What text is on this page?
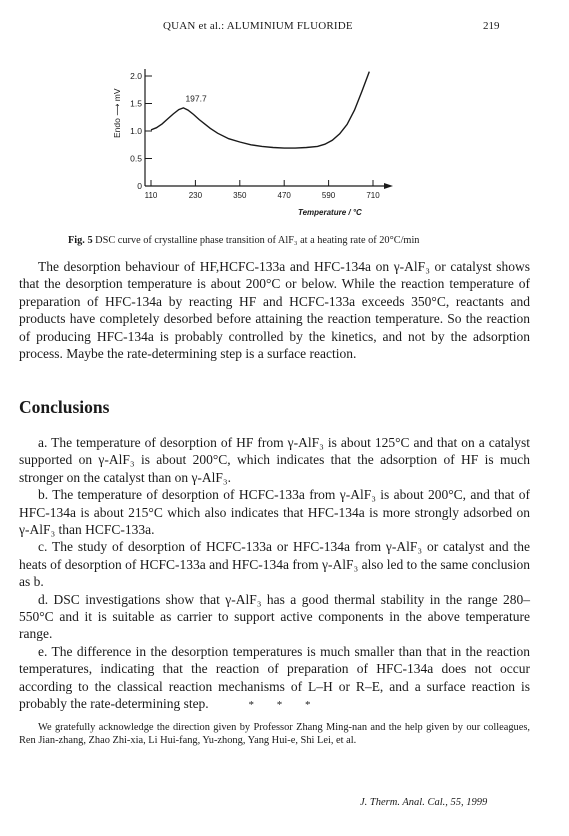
QUAN et al.: ALUMINIUM FLUORIDE	219
0
0.5
1.0
1.5
2.0
110	230	350	470	590	710
197.7
Endo ⟶ mV
Temperature / °C
Fig. 5 DSC curve of crystalline phase transition of AlF₃ at a heating rate of 20°C/min

The desorption behaviour of HF,HCFC-133a and HFC-134a on γ-AlF₃ or catalyst shows that the desorption temperature is about 200°C or below. While the reaction temperature of preparation of HFC-134a by reacting HF and HCFC-133a exceeds 350°C, reactants and products have completely desorbed before attaining the reaction temperature. So the reaction of producing HFC-134a is probably controlled by the kinetics, and not by the adsorption process. Maybe the rate-determining step is a surface reaction.

Conclusions

a. The temperature of desorption of HF from γ-AlF₃ is about 125°C and that on a catalyst supported on γ-AlF₃ is about 200°C, which indicates that the adsorption of HF is much stronger on the catalyst than on γ-AlF₃.

b. The temperature of desorption of HCFC-133a from γ-AlF₃ is about 200°C, and that of HFC-134a is about 215°C which also indicates that HFC-134a is more strongly adsorbed on γ-AlF₃ than HCFC-133a.

c. The study of desorption of HCFC-133a or HFC-134a from γ-AlF₃ or catalyst and the heats of desorption of HCFC-133a and HFC-134a from γ-AlF₃ also led to the same conclusion as b.

d. DSC investigations show that γ-AlF₃ has a good thermal stability in the range 280–550°C and it is suitable as carrier to support active components in the above temperature range.

e. The difference in the desorption temperatures is much smaller than that in the reaction temperatures, indicating that the reaction of preparation of HFC-134a does not occur according to the classical reaction mechanisms of L–H or R–E, and a surface reaction is probably the rate-determining step.	* * *

We gratefully acknowledge the direction given by Professor Zhang Ming-nan and the help given by our colleagues, Ren Jian-zhang, Zhao Zhi-xia, Li Hui-fang, Yu-zhong, Yang Hui-e, Shi Lei, et al.

J. Therm. Anal. Cal., 55, 1999
